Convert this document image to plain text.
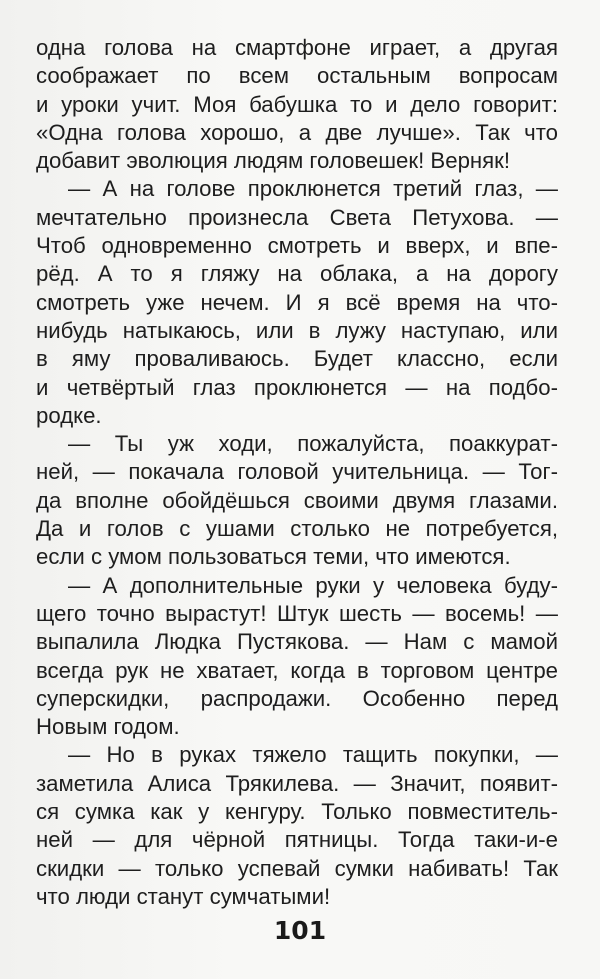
одна голова на смартфоне играет, а другая
соображает по всем остальным вопросам
и уроки учит. Моя бабушка то и дело говорит:
«Одна голова хорошо, а две лучше». Так что
добавит эволюция людям головешек! Верняк!
— А на голове проклюнется третий глаз, —
мечтательно произнесла Света Петухова. —
Чтоб одновременно смотреть и вверх, и впе-
рёд. А то я гляжу на облака, а на дорогу
смотреть уже нечем. И я всё время на что-
нибудь натыкаюсь, или в лужу наступаю, или
в яму проваливаюсь. Будет классно, если
и четвёртый глаз проклюнется — на подбо-
родке.
— Ты уж ходи, пожалуйста, поаккурат-
ней, — покачала головой учительница. — Тог-
да вполне обойдёшься своими двумя глазами.
Да и голов с ушами столько не потребуется,
если с умом пользоваться теми, что имеются.
— А дополнительные руки у человека буду-
щего точно вырастут! Штук шесть — восемь! —
выпалила Людка Пустякова. — Нам с мамой
всегда рук не хватает, когда в торговом центре
суперскидки, распродажи. Особенно перед
Новым годом.
— Но в руках тяжело тащить покупки, —
заметила Алиса Трякилева. — Значит, появит-
ся сумка как у кенгуру. Только повместитель-
ней — для чёрной пятницы. Тогда таки-и-е
скидки — только успевай сумки набивать! Так
что люди станут сумчатыми!
101
